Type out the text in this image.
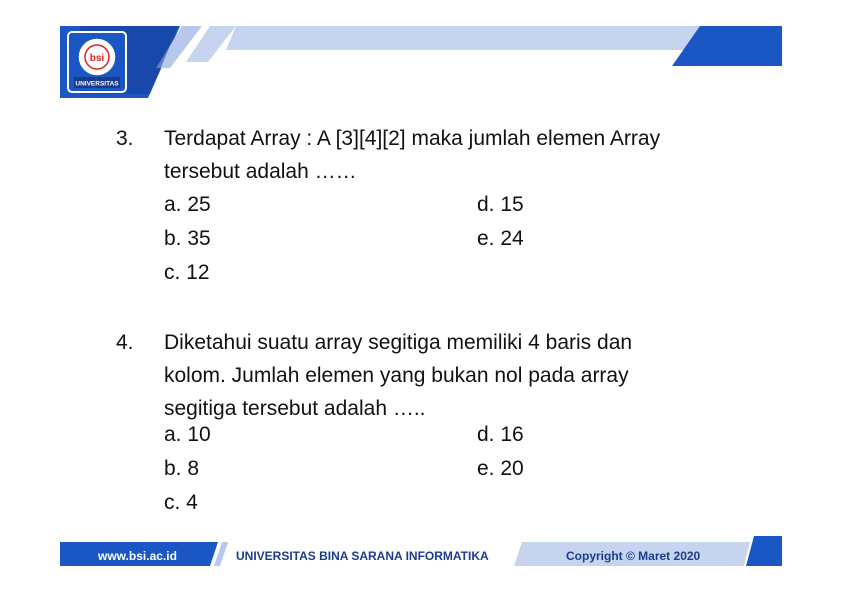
bsi
UNIVERSITAS
3.	Terdapat Array : A [3][4][2] maka jumlah elemen Array
tersebut adalah ……
a. 25
b. 35
c. 12
d. 15
e. 24
4.	Diketahui suatu array segitiga memiliki 4 baris dan
kolom. Jumlah elemen yang bukan nol pada array
segitiga tersebut adalah …..
a. 10
b. 8
c. 4
d. 16
e. 20
www.bsi.ac.id	UNIVERSITAS BINA SARANA INFORMATIKA	Copyright © Maret 2020
